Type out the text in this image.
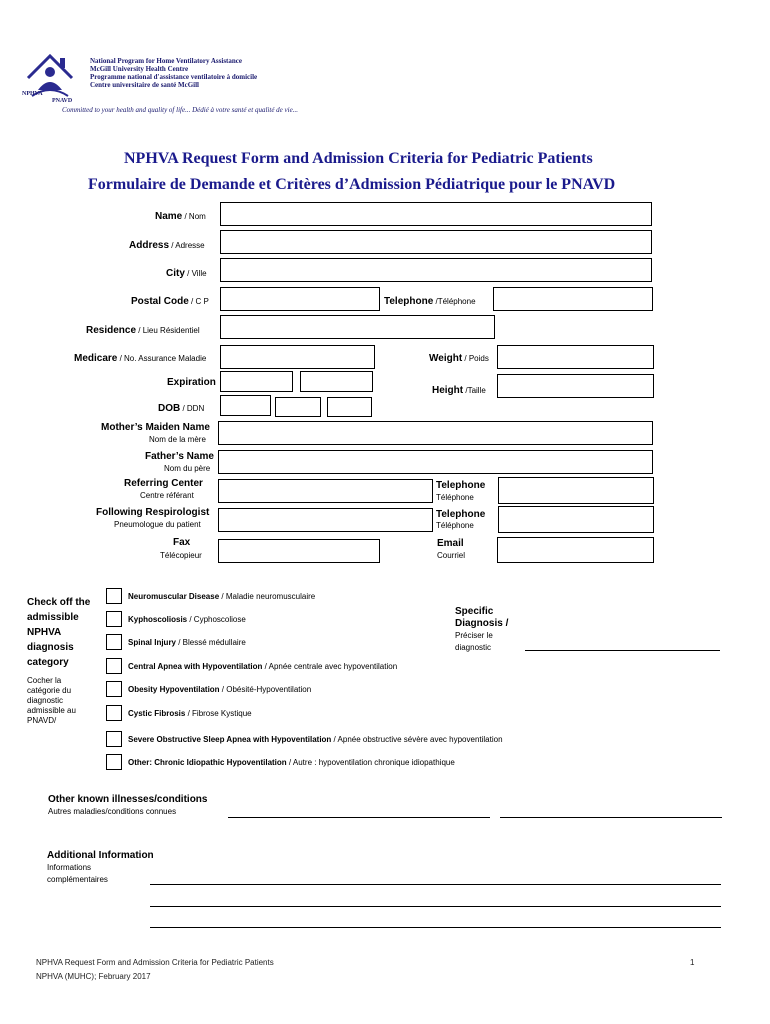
NPHVA
PNAVD
National Program for Home Ventilatory Assistance
McGill University Health Centre
Programme national d'assistance ventilatoire à domicile
Centre universitaire de santé McGill
Committed to your health and quality of life... Dédié à votre santé et qualité de vie...
NPHVA Request Form and Admission Criteria for Pediatric Patients
Formulaire de Demande et Critères d’Admission Pédiatrique pour le PNAVD
Name / Nom
Address / Adresse
City / Ville
Postal Code / C P	Telephone /Téléphone
Residence / Lieu Résidentiel
Medicare / No. Assurance Maladie	Weight / Poids
Expiration
Height /Taille
DOB / DDN
Mother’s Maiden Name
Nom de la mère
Father’s Name
Nom du père
Referring Center
Centre référant
Telephone
Téléphone
Following Respirologist
Pneumologue du patient
Telephone
Téléphone
Fax
Télécopieur
Email
Courriel
Check off the
admissible
NPHVA
diagnosis
category
Cocher la
catégorie du
diagnostic
admissible au
PNAVD/
Neuromuscular Disease / Maladie neuromusculaire
Kyphoscoliosis / Cyphoscoliose
Spinal Injury / Blessé médullaire
Central Apnea with Hypoventilation / Apnée centrale avec hypoventilation
Obesity Hypoventilation / Obésité-Hypoventilation
Cystic Fibrosis / Fibrose Kystique
Severe Obstructive Sleep Apnea with Hypoventilation / Apnée obstructive sévère avec hypoventilation
Other: Chronic Idiopathic Hypoventilation / Autre : hypoventilation chronique idiopathique
Specific
Diagnosis /
Préciser le
diagnostic
Other known illnesses/conditions
Autres maladies/conditions connues
Additional Information
Informations
complémentaires
NPHVA Request Form and Admission Criteria for Pediatric Patients
NPHVA (MUHC); February 2017
1
